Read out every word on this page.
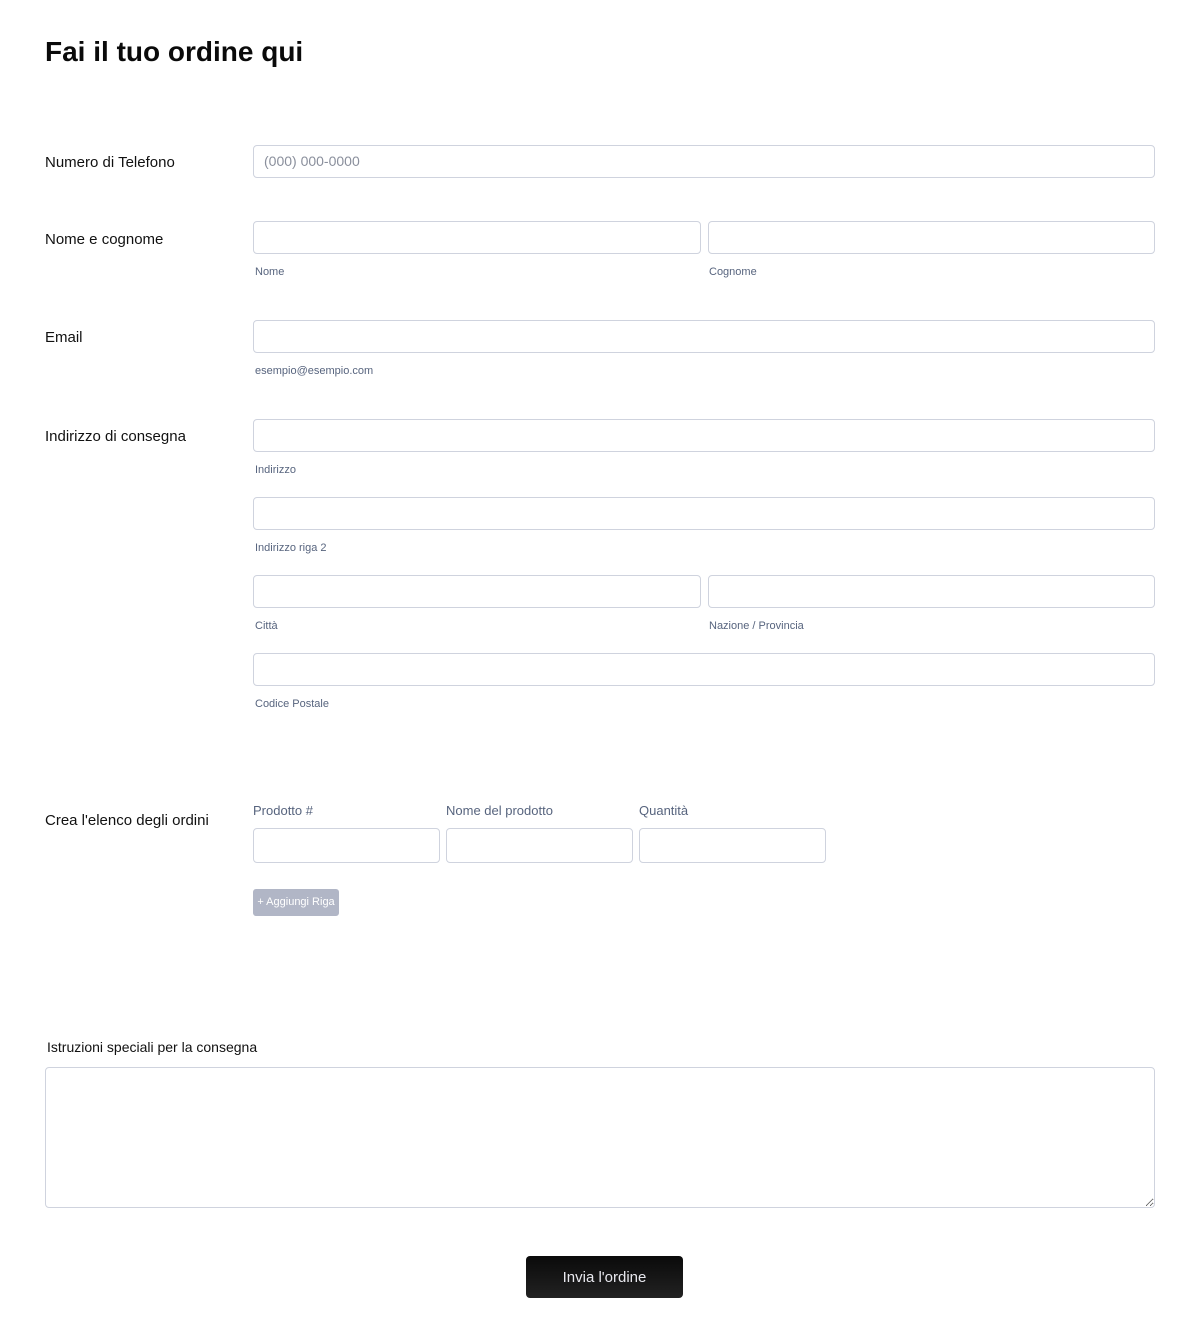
Fai il tuo ordine qui
Numero di Telefono	(000) 000-0000
Nome e cognome
Nome	Cognome
Email
esempio@esempio.com
Indirizzo di consegna
Indirizzo
Indirizzo riga 2
Città	Nazione / Provincia
Codice Postale
Crea l'elenco degli ordini
Prodotto #	Nome del prodotto	Quantità
+ Aggiungi Riga
Istruzioni speciali per la consegna
Invia l'ordine
